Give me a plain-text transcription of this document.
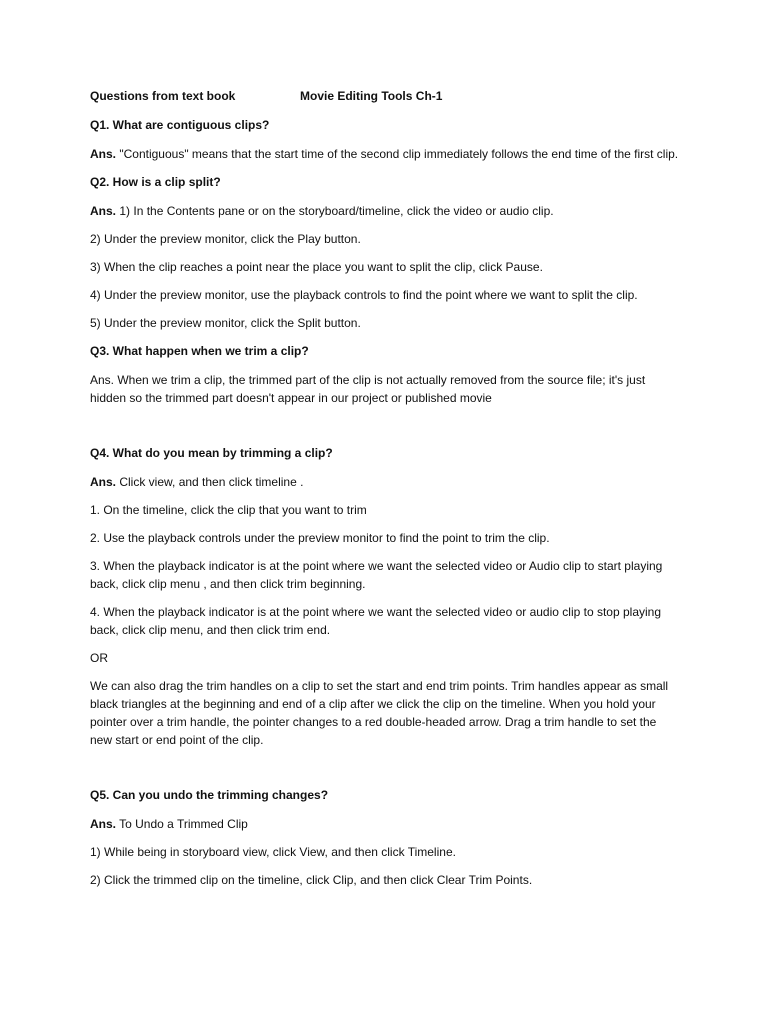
Questions from text book	Movie Editing Tools Ch-1
Q1. What are contiguous clips?
Ans. "Contiguous" means that the start time of the second clip immediately follows the end time of the first clip.
Q2. How is a clip split?
Ans. 1) In the Contents pane or on the storyboard/timeline, click the video or audio clip.
2) Under the preview monitor, click the Play button.
3) When the clip reaches a point near the place you want to split the clip, click Pause.
4) Under the preview monitor, use the playback controls to find the point where we want to split the clip.
5) Under the preview monitor, click the Split button.
Q3. What happen when we trim a clip?
Ans. When we trim a clip, the trimmed part of the clip is not actually removed from the source file; it's just hidden so the trimmed part doesn't appear in our project or published movie
Q4. What do you mean by trimming a clip?
Ans. Click view, and then click timeline .
1. On the timeline, click the clip that you want to trim
2. Use the playback controls under the preview monitor to find the point to trim the clip.
3. When the playback indicator is at the point where we want the selected video or Audio clip to start playing back, click clip menu , and then click trim beginning.
4. When the playback indicator is at the point where we want the selected video or audio clip to stop playing back, click clip menu, and then click trim end.
OR
We can also drag the trim handles on a clip to set the start and end trim points. Trim handles appear as small black triangles at the beginning and end of a clip after we click the clip on the timeline. When you hold your pointer over a trim handle, the pointer changes to a red double-headed arrow. Drag a trim handle to set the new start or end point of the clip.
Q5. Can you undo the trimming changes?
Ans. To Undo a Trimmed Clip
1) While being in storyboard view, click View, and then click Timeline.
2) Click the trimmed clip on the timeline, click Clip, and then click Clear Trim Points.
